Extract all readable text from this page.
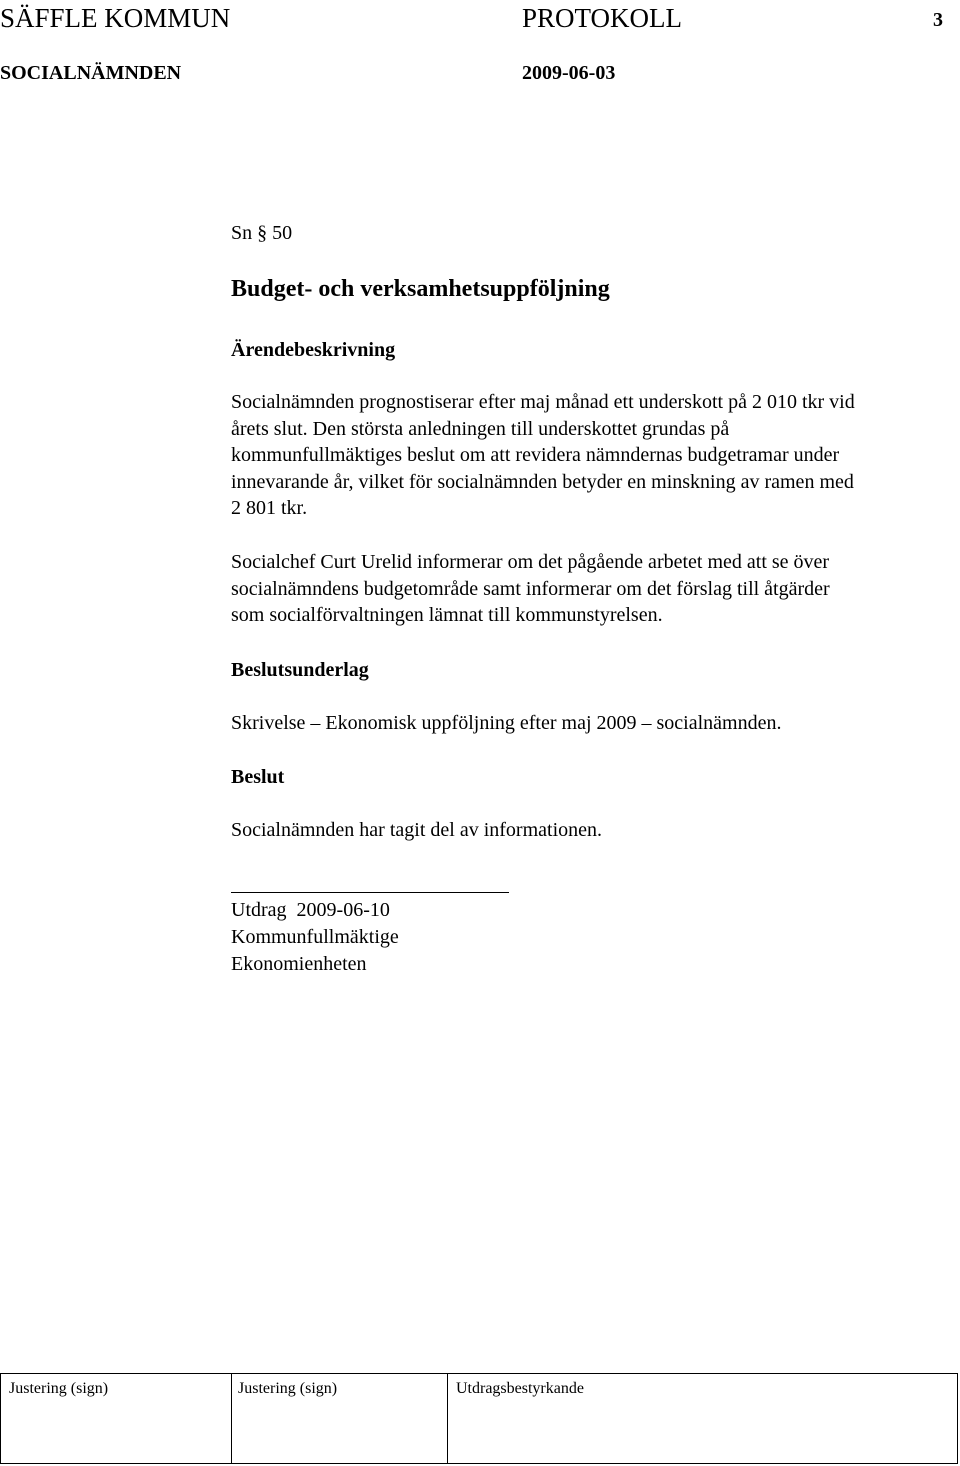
SÄFFLE KOMMUN	PROTOKOLL	3
SOCIALNÄMNDEN	2009-06-03
Sn § 50
Budget- och verksamhetsuppföljning
Ärendebeskrivning
Socialnämnden prognostiserar efter maj månad ett underskott på 2 010 tkr vid
årets slut. Den största anledningen till underskottet grundas på
kommunfullmäktiges beslut om att revidera nämndernas budgetramar under
innevarande år, vilket för socialnämnden betyder en minskning av ramen med
2 801 tkr.
Socialchef Curt Urelid informerar om det pågående arbetet med att se över
socialnämndens budgetområde samt informerar om det förslag till åtgärder
som socialförvaltningen lämnat till kommunstyrelsen.
Beslutsunderlag
Skrivelse – Ekonomisk uppföljning efter maj 2009 – socialnämnden.
Beslut
Socialnämnden har tagit del av informationen.
Utdrag  2009-06-10
Kommunfullmäktige
Ekonomienheten
Justering (sign)	Justering (sign)	Utdragsbestyrkande
